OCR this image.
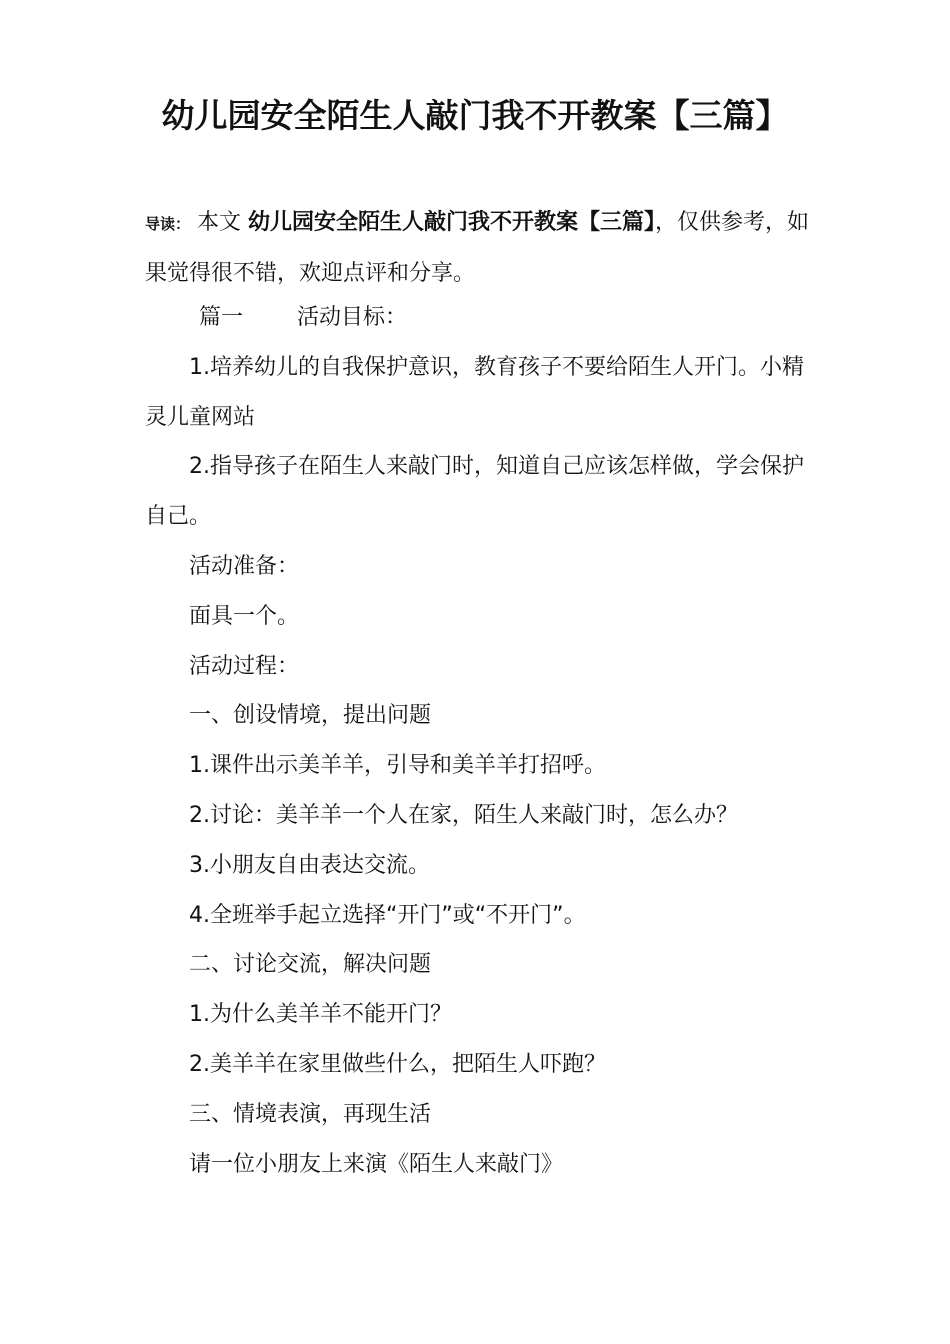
幼儿园安全陌生人敲门我不开教案【三篇】

导读： 本文 幼儿园安全陌生人敲门我不开教案【三篇】，仅供参考，如果觉得很不错，欢迎点评和分享。

篇一 活动目标：

1.培养幼儿的自我保护意识，教育孩子不要给陌生人开门。小精灵儿童网站

2.指导孩子在陌生人来敲门时，知道自己应该怎样做，学会保护自己。

活动准备：

面具一个。

活动过程：

一、创设情境，提出问题

1.课件出示美羊羊，引导和美羊羊打招呼。

2.讨论：美羊羊一个人在家，陌生人来敲门时，怎么办？

3.小朋友自由表达交流。

4.全班举手起立选择“开门”或“不开门”。

二、讨论交流，解决问题

1.为什么美羊羊不能开门？

2.美羊羊在家里做些什么，把陌生人吓跑？

三、情境表演，再现生活

请一位小朋友上来演《陌生人来敲门》
